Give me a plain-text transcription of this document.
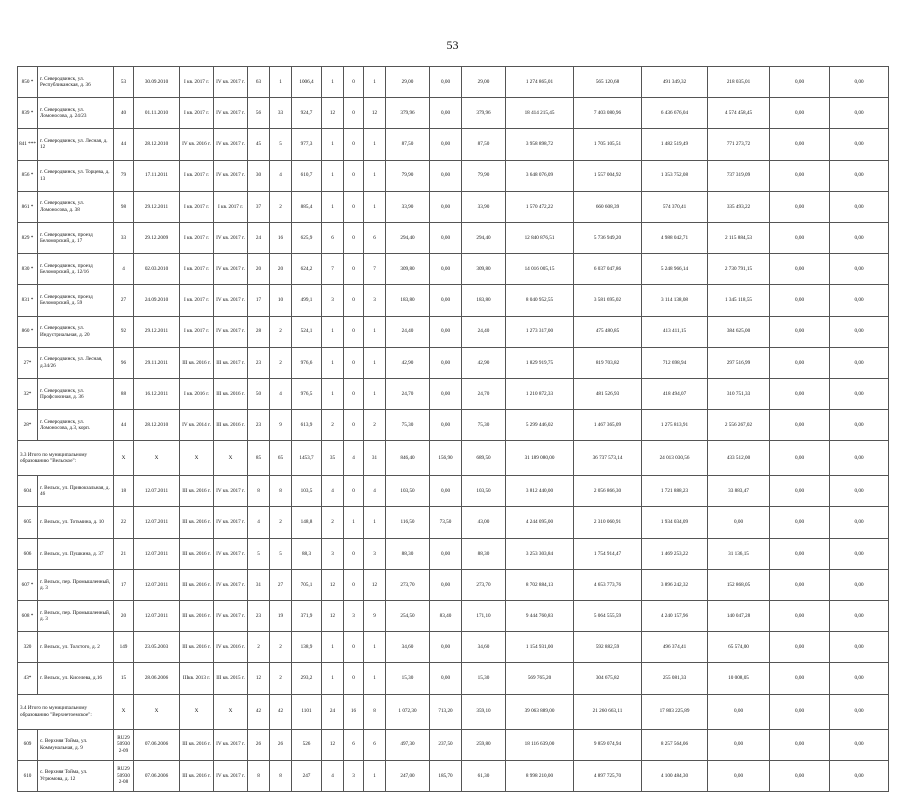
53
850 *	г. Северодвинск, ул. Республиканская, д. 36	53	30.09.2010	I кв. 2017 г.	IV кв. 2017 г.	63	1	1006,4	1	0	1	29,00	0,00	29,00	1 274 865,01	565 120,68	491 349,32	218 035,01	0,00	0,00
839 *	г. Северодвинск, ул. Ломоносова, д. 24/23	40	01.11.2010	I кв. 2017 г.	IV кв. 2017 г.	56	33	924,7	12	0	12	379,96	0,00	379,96	18 414 215,45	7 403 080,96	6 436 676,04	4 574 458,45	0,00	0,00
841 ***	г. Северодвинск, ул. Лесная, д. 12	44	28.12.2010	IV кв. 2016 г.	IV кв. 2017 г.	45	5	977,3	1	0	1	87,50	0,00	87,50	3 958 898,72	1 705 105,51	1 482 519,49	771 273,72	0,00	0,00
856 *	г. Северодвинск, ул. Торцева, д. 13	79	17.11.2011	I кв. 2017 г.	IV кв. 2017 г.	30	4	610,7	1	0	1	79,90	0,00	79,90	3 648 076,09	1 557 004,92	1 353 752,08	737 319,09	0,00	0,00
861 *	г. Северодвинск, ул. Ломоносова, д. 38	98	29.12.2011	I кв. 2017 г.	I кв. 2017 г.	37	2	885,4	1	0	1	33,90	0,00	33,90	1 570 472,22	660 608,39	574 370,41	335 493,22	0,00	0,00
829 *	г. Северодвинск, проезд Беломорский, д. 17	33	29.12.2009	I кв. 2017 г.	IV кв. 2017 г.	24	16	625,9	6	0	6	294,40	0,00	294,40	12 840 876,51	5 736 949,20	4 988 042,71	2 115 884,53	0,00	0,00
830 *	г. Северодвинск, проезд Беломорский, д. 12/16	4	02.03.2010	I кв. 2017 г.	IV кв. 2017 г.	20	20	624,2	7	0	7	309,80	0,00	309,80	14 016 005,15	6 037 047,86	5 248 966,14	2 730 791,15	0,00	0,00
831 *	г. Северодвинск, проезд Беломорский, д. 59	27	24.09.2010	I кв. 2017 г.	IV кв. 2017 г.	17	10	499,1	3	0	3	183,80	0,00	183,80	8 040 952,55	3 581 695,02	3 114 138,08	1 345 118,55	0,00	0,00
860 *	г. Северодвинск, ул. Индустриальная, д. 20	92	29.12.2011	I кв. 2017 г.	IV кв. 2017 г.	28	2	524,1	1	0	1	24,40	0,00	24,40	1 273 317,00	475 480,85	413 411,15	384 625,00	0,00	0,00
27*	г. Северодвинск, ул. Лесная, д.34/26	96	29.11.2011	III кв. 2016 г.	III кв. 2017 г.	23	2	976,6	1	0	1	42,90	0,00	42,90	1 829 919,75	819 703,82	712 698,94	297 516,99	0,00	0,00
32*	г. Северодвинск, ул. Профсоюзная, д. 36	88	16.12.2011	I кв. 2016 г.	III кв. 2016 г.	50	4	976,5	1	0	1	24,70	0,00	24,70	1 210 872,33	481 526,93	418 494,07	310 751,33	0,00	0,00
28*	г. Северодвинск, ул. Ломоносова, д.3, корп.	44	28.12.2010	IV кв. 2014 г.	III кв. 2016 г.	23	9	613,9	2	0	2	75,30	0,00	75,30	5 299 446,02	1 467 365,09	1 275 813,91	2 556 267,02	0,00	0,00
3.3 Итого по муниципальному образованию "Вельское":		X	X	X	X	85	65	1453,7	35	4	31	846,40	156,90	689,50	31 189 080,00	36 737 573,14	24 013 030,56	433 512,00	0,00	0,00
604	г. Вельск, ул. Привокзальная, д. 46	18	12.07.2011	III кв. 2016 г.	IV кв. 2017 г.	8	8	103,5	4	0	4	103,50	0,00	103,50	3 812 440,00	2 056 866,30	1 721 888,23	33 883,47	0,00	0,00
605	г. Вельск, ул. Тотьмина, д. 10	22	12.07.2011	III кв. 2016 г.	IV кв. 2017 г.	4	2	148,8	2	1	1	116,50	73,50	43,00	4 244 095,00	2 310 060,91	1 934 034,09	0,00	0,00	0,00
606	г. Вельск, ул. Пушкина, д. 37	21	12.07.2011	III кв. 2016 г.	IV кв. 2017 г.	5	5	88,3	3	0	3	88,30	0,00	88,30	3 253 303,84	1 754 914,47	1 469 253,22	31 136,15	0,00	0,00
607 *	г. Вельск, пер. Промышленный, д. 3	17	12.07.2011	III кв. 2016 г.	IV кв. 2017 г.	31	27	705,1	12	0	12	273,70	0,00	273,70	8 702 884,13	4 653 773,76	3 896 242,32	152 868,05	0,00	0,00
608 *	г. Вельск, пер. Промышленный, д. 3	20	12.07.2011	III кв. 2016 г.	IV кв. 2017 г.	23	19	371,9	12	3	9	254,50	83,40	171,10	9 444 760,83	5 064 555,59	4 240 157,96	140 047,28	0,00	0,00
320	г. Вельск, ул. Толстого, д. 2	149	23.05.2003	III кв. 2016 г.	IV кв. 2016 г.	2	2	138,9	1	0	1	34,60	0,00	34,60	1 154 931,00	592 882,59	496 374,41	65 574,00	0,00	0,00
43*	г. Вельск, ул. Киселева, д.16	15	28.06.2006	IIIкв. 2013 г.	III кв. 2015 г.	12	2	293,2	1	0	1	15,30	0,00	15,30	569 765,20	304 675,82	255 081,33	10 008,05	0,00	0,00
3.4 Итого по муниципальному образованию "Верхнетоемское":		X	X	X	X	42	42	1101	24	16	8	1 072,30	713,20	359,10	39 063 889,00	21 260 663,11	17 803 225,89	0,00	0,00	0,00
609	с. Верхняя Тойма, ул. Коммунальная, д. 9	RU29 50930 2-09	07.06.2006	III кв. 2016 г.	IV кв. 2017 г.	26	26	526	12	6	6	497,30	237,50	259,80	18 116 639,00	9 859 074,94	8 257 564,06	0,00	0,00	0,00
610	с. Верхняя Тойма, ул. Угрюмова, д. 12	RU29 50930 2-08	07.06.2006	III кв. 2016 г.	IV кв. 2017 г.	8	8	247	4	3	1	247,00	185,70	61,30	8 998 210,00	4 897 725,70	4 100 484,30	0,00	0,00	0,00
